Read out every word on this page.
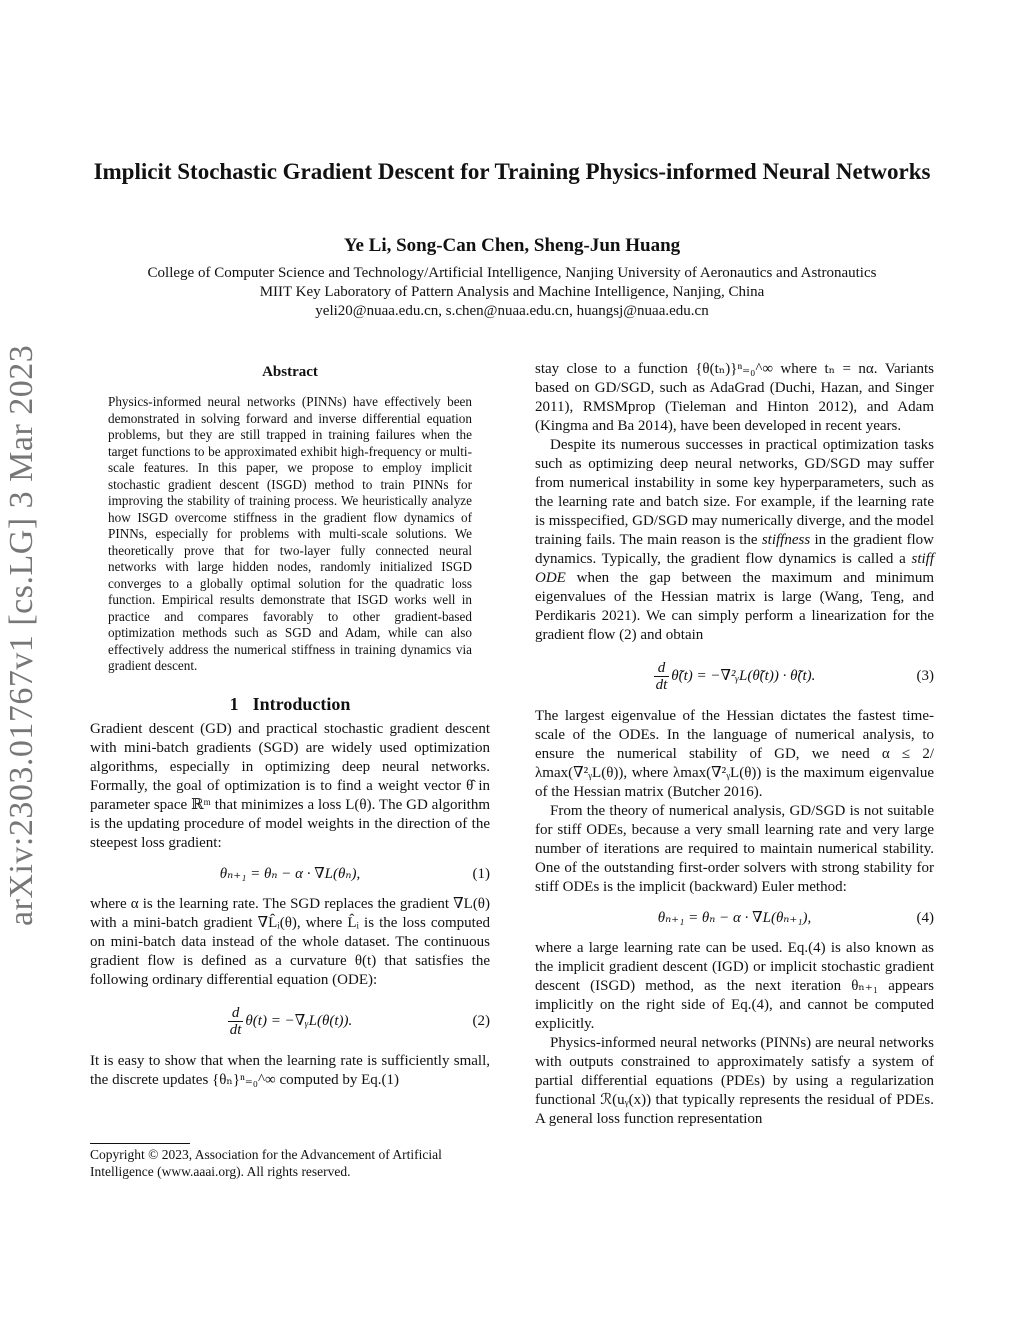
Implicit Stochastic Gradient Descent for Training Physics-informed Neural Networks
Ye Li, Song-Can Chen, Sheng-Jun Huang
College of Computer Science and Technology/Artificial Intelligence, Nanjing University of Aeronautics and Astronautics
MIIT Key Laboratory of Pattern Analysis and Machine Intelligence, Nanjing, China
yeli20@nuaa.edu.cn, s.chen@nuaa.edu.cn, huangsj@nuaa.edu.cn
arXiv:2303.01767v1 [cs.LG] 3 Mar 2023	Abstract

Physics-informed neural networks (PINNs) have effectively been demonstrated in solving forward and inverse differential equation problems, but they are still trapped in training failures when the target functions to be approximated exhibit high-frequency or multi-scale features. In this paper, we propose to employ implicit stochastic gradient descent (ISGD) method to train PINNs for improving the stability of training process. We heuristically analyze how ISGD overcome stiffness in the gradient flow dynamics of PINNs, especially for problems with multi-scale solutions. We theoretically prove that for two-layer fully connected neural networks with large hidden nodes, randomly initialized ISGD converges to a globally optimal solution for the quadratic loss function. Empirical results demonstrate that ISGD works well in practice and compares favorably to other gradient-based optimization methods such as SGD and Adam, while can also effectively address the numerical stiffness in training dynamics via gradient descent.

1 Introduction

Gradient descent (GD) and practical stochastic gradient descent with mini-batch gradients (SGD) are widely used optimization algorithms, especially in optimizing deep neural networks. Formally, the goal of optimization is to find a weight vector θ̂ in parameter space ℝᵐ that minimizes a loss L(θ). The GD algorithm is the updating procedure of model weights in the direction of the steepest loss gradient:

θₙ₊₁ = θₙ − α · ∇L(θₙ),	(1)

where α is the learning rate. The SGD replaces the gradient ∇L(θ) with a mini-batch gradient ∇L̂ᵢ(θ), where L̂ᵢ is the loss computed on mini-batch data instead of the whole dataset. The continuous gradient flow is defined as a curvature θ(t) that satisfies the following ordinary differential equation (ODE):

$\frac{d}{dt} \theta(t)$ = −∇ᵧL(θ(t)).	(2)

It is easy to show that when the learning rate is sufficiently small, the discrete updates {θₙ}ⁿ₌₀^∞ computed by Eq.(1)

Copyright © 2023, Association for the Advancement of Artificial Intelligence (www.aaai.org). All rights reserved.

stay close to a function {θ(tₙ)}ⁿ₌₀^∞ where tₙ = nα. Variants based on GD/SGD, such as AdaGrad (Duchi, Hazan, and Singer 2011), RMSMprop (Tieleman and Hinton 2012), and Adam (Kingma and Ba 2014), have been developed in recent years.

Despite its numerous successes in practical optimization tasks such as optimizing deep neural networks, GD/SGD may suffer from numerical instability in some key hyperparameters, such as the learning rate and batch size. For example, if the learning rate is misspecified, GD/SGD may numerically diverge, and the model training fails. The main reason is the stiffness in the gradient flow dynamics. Typically, the gradient flow dynamics is called a stiff ODE when the gap between the maximum and minimum eigenvalues of the Hessian matrix is large (Wang, Teng, and Perdikaris 2021). We can simply perform a linearization for the gradient flow (2) and obtain

$\frac{d}{dt}$ θ̃(t) = −∇²ᵧL(θ̃(t)) · θ̃(t).	(3)

The largest eigenvalue of the Hessian dictates the fastest time-scale of the ODEs. In the language of numerical analysis, to ensure the numerical stability of GD, we need α ≤ 2/λmax(∇²ᵧL(θ)), where λmax(∇²ᵧL(θ)) is the maximum eigenvalue of the Hessian matrix (Butcher 2016).

From the theory of numerical analysis, GD/SGD is not suitable for stiff ODEs, because a very small learning rate and very large number of iterations are required to maintain numerical stability. One of the outstanding first-order solvers with strong stability for stiff ODEs is the implicit (backward) Euler method:

θₙ₊₁ = θₙ − α · ∇L(θₙ₊₁),	(4)

where a large learning rate can be used. Eq.(4) is also known as the implicit gradient descent (IGD) or implicit stochastic gradient descent (ISGD) method, as the next iteration θₙ₊₁ appears implicitly on the right side of Eq.(4), and cannot be computed explicitly.

Physics-informed neural networks (PINNs) are neural networks with outputs constrained to approximately satisfy a system of partial differential equations (PDEs) by using a regularization functional ℛ(uᵧ(x)) that typically represents the residual of PDEs. A general loss function representation
